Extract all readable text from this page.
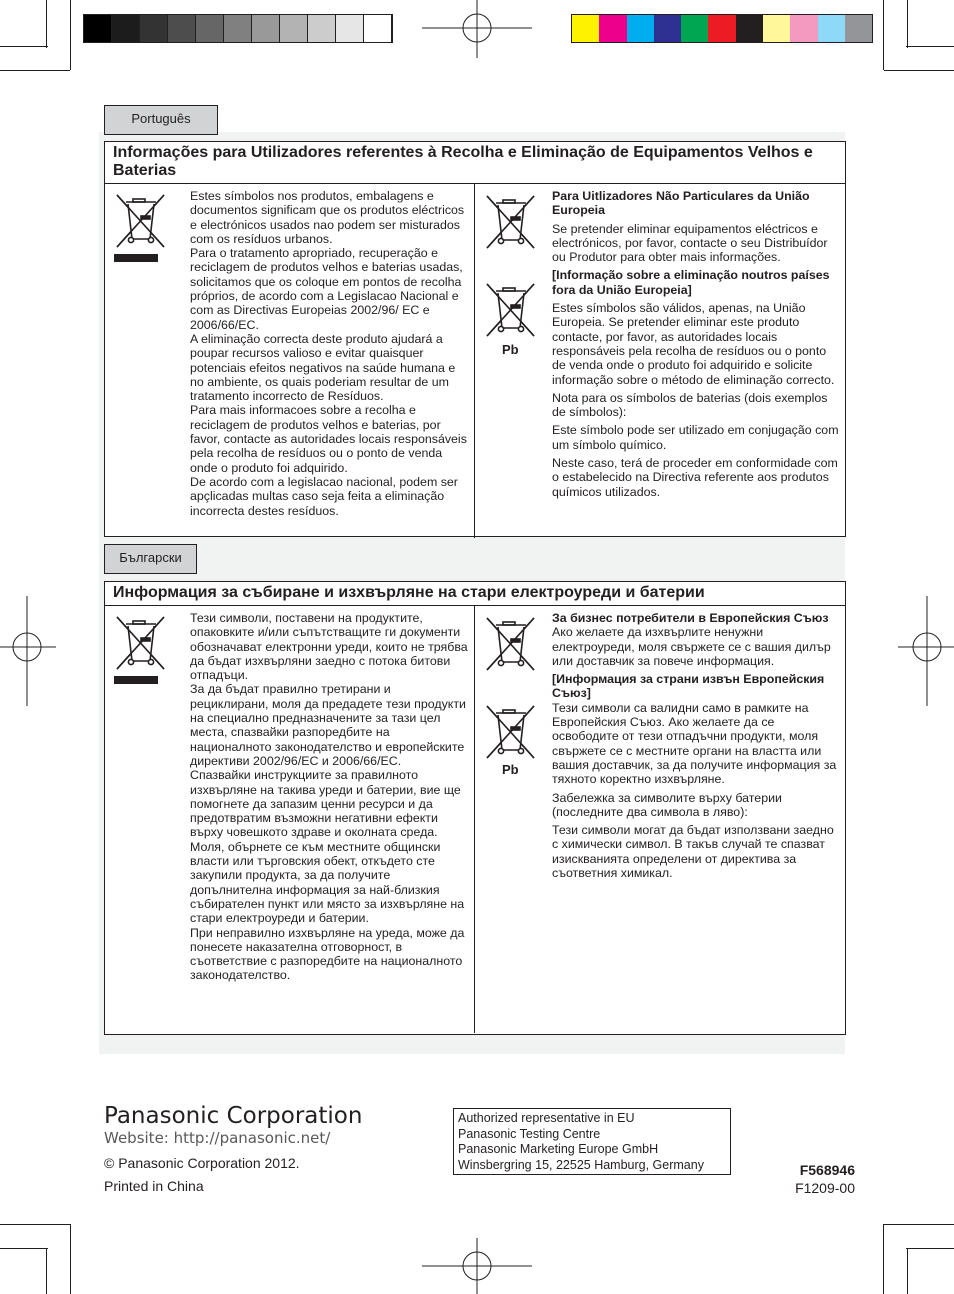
Português
Informações para Utilizadores referentes à Recolha e Eliminação de Equipamentos Velhos e Baterias

Estes símbolos nos produtos, embalagens e documentos significam que os produtos eléctricos e electrónicos usados nao podem ser misturados com os resíduos urbanos.

Para o tratamento apropriado, recuperação e reciclagem de produtos velhos e baterias usadas, solicitamos que os coloque em pontos de recolha próprios, de acordo com a Legislacao Nacional e com as Directivas Europeias 2002/96/ EC e 2006/66/EC.

A eliminação correcta deste produto ajudará a poupar recursos valioso e evitar quaisquer potenciais efeitos negativos na saúde humana e no ambiente, os quais poderiam resultar de um tratamento incorrecto de Resíduos.

Para mais informacoes sobre a recolha e reciclagem de produtos velhos e baterias, por favor, contacte as autoridades locais responsáveis pela recolha de resíduos ou o ponto de venda onde o produto foi adquirido.

De acordo com a legislacao nacional, podem ser apçlicadas multas caso seja feita a eliminação incorrecta destes resíduos.

Pb

Para Uitlizadores Não Particulares da União Europeia

Se pretender eliminar equipamentos eléctricos e electrónicos, por favor, contacte o seu Distribuídor ou Produtor para obter mais informações.

[Informação sobre a eliminação noutros países fora da União Europeia]

Estes símbolos são válidos, apenas, na União Europeia. Se pretender eliminar este produto contacte, por favor, as autoridades locais responsáveis pela recolha de resíduos ou o ponto de venda onde o produto foi adquirido e solicite informação sobre o método de eliminação correcto.

Nota para os símbolos de baterias (dois exemplos de símbolos):

Este símbolo pode ser utilizado em conjugação com um símbolo químico.

Neste caso, terá de proceder em conformidade com o estabelecido na Directiva referente aos produtos químicos utilizados.

Български
Информация за събиране и изхвърляне на стари електроуреди и батерии

Тези символи, поставени на продуктите, опаковките и/или съпътстващите ги документи обозначават електронни уреди, които не трябва да бъдат изхвърляни заедно с потока битови отпадъци.

За да бъдат правилно третирани и рециклирани, моля да предадете тези продукти на специално предназначените за тази цел места, спазвайки разпоредбите на националното законодателство и европейските директиви 2002/96/EC и 2006/66/EC.

Спазвайки инструкциите за правилното изхвърляне на такива уреди и батерии, вие ще помогнете да запазим ценни ресурси и да предотвратим възможни негативни ефекти върху човешкото здраве и околната среда.

Моля, обърнете се към местните общински власти или търговския обект, откъдето сте закупили продукта, за да получите допълнителна информация за най-близкия събирателен пункт или място за изхвърляне на стари електроуреди и батерии.

При неправилно изхвърляне на уреда, може да понесете наказателна отговорност, в съответствие с разпоредбите на националното законодателство.

Pb

За бизнес потребители в Европейския Съюз

Ако желаете да изхвърлите ненужни електроуреди, моля свържете се с вашия дилър или доставчик за повече информация.

[Информация за страни извън Европейския Съюз]

Тези символи са валидни само в рамките на Европейския Съюз. Ако желаете да се освободите от тези отпадъчни продукти, моля свържете се с местните органи на властта или вашия доставчик, за да получите информация за тяхното коректно изхвърляне.

Забележка за символите върху батерии (последните два символа в ляво):

Тези символи могат да бъдат използвани заедно с химически символ. В такъв случай те спазват изискванията определени от директива за съответния химикал.

Panasonic Corporation
Website: http://panasonic.net/
© Panasonic Corporation 2012.
Printed in China
Authorized representative in EU
Panasonic Testing Centre
Panasonic Marketing Europe GmbH
Winsbergring 15, 22525 Hamburg, Germany	F568946
F1209-00
